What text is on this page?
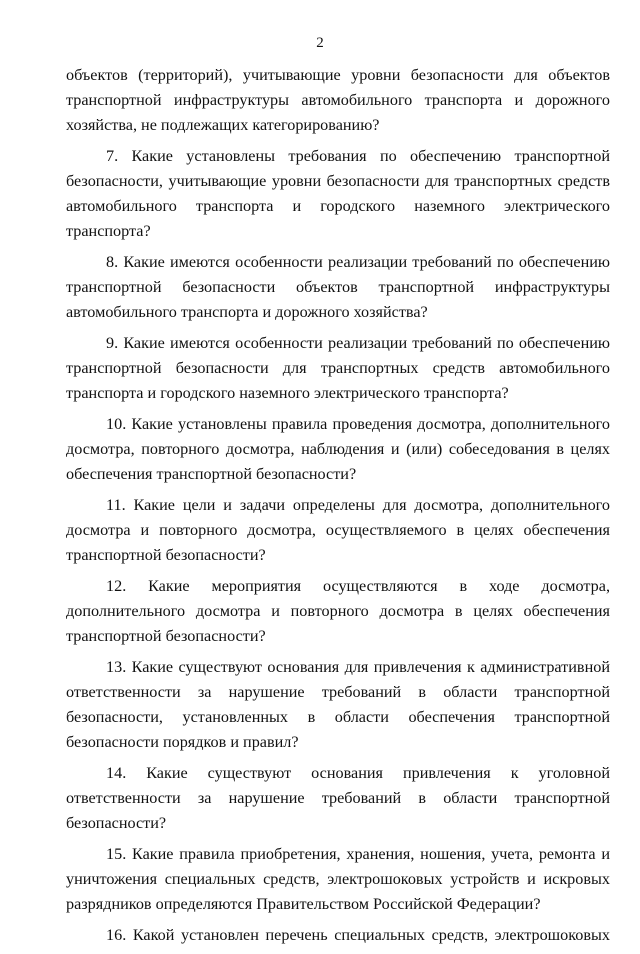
2

объектов (территорий), учитывающие уровни безопасности для объектов транспортной инфраструктуры автомобильного транспорта и дорожного хозяйства, не подлежащих категорированию?

7. Какие установлены требования по обеспечению транспортной безопасности, учитывающие уровни безопасности для транспортных средств автомобильного транспорта и городского наземного электрического транспорта?

8. Какие имеются особенности реализации требований по обеспечению транспортной безопасности объектов транспортной инфраструктуры автомобильного транспорта и дорожного хозяйства?

9. Какие имеются особенности реализации требований по обеспечению транспортной безопасности для транспортных средств автомобильного транспорта и городского наземного электрического транспорта?

10. Какие установлены правила проведения досмотра, дополнительного досмотра, повторного досмотра, наблюдения и (или) собеседования в целях обеспечения транспортной безопасности?

11. Какие цели и задачи определены для досмотра, дополнительного досмотра и повторного досмотра, осуществляемого в целях обеспечения транспортной безопасности?

12. Какие мероприятия осуществляются в ходе досмотра, дополнительного досмотра и повторного досмотра в целях обеспечения транспортной безопасности?

13. Какие существуют основания для привлечения к административной ответственности за нарушение требований в области транспортной безопасности, установленных в области обеспечения транспортной безопасности порядков и правил?

14. Какие существуют основания привлечения к уголовной ответственности за нарушение требований в области транспортной безопасности?

15. Какие правила приобретения, хранения, ношения, учета, ремонта и уничтожения специальных средств, электрошоковых устройств и искровых разрядников определяются Правительством Российской Федерации?

16. Какой установлен перечень специальных средств, электрошоковых
